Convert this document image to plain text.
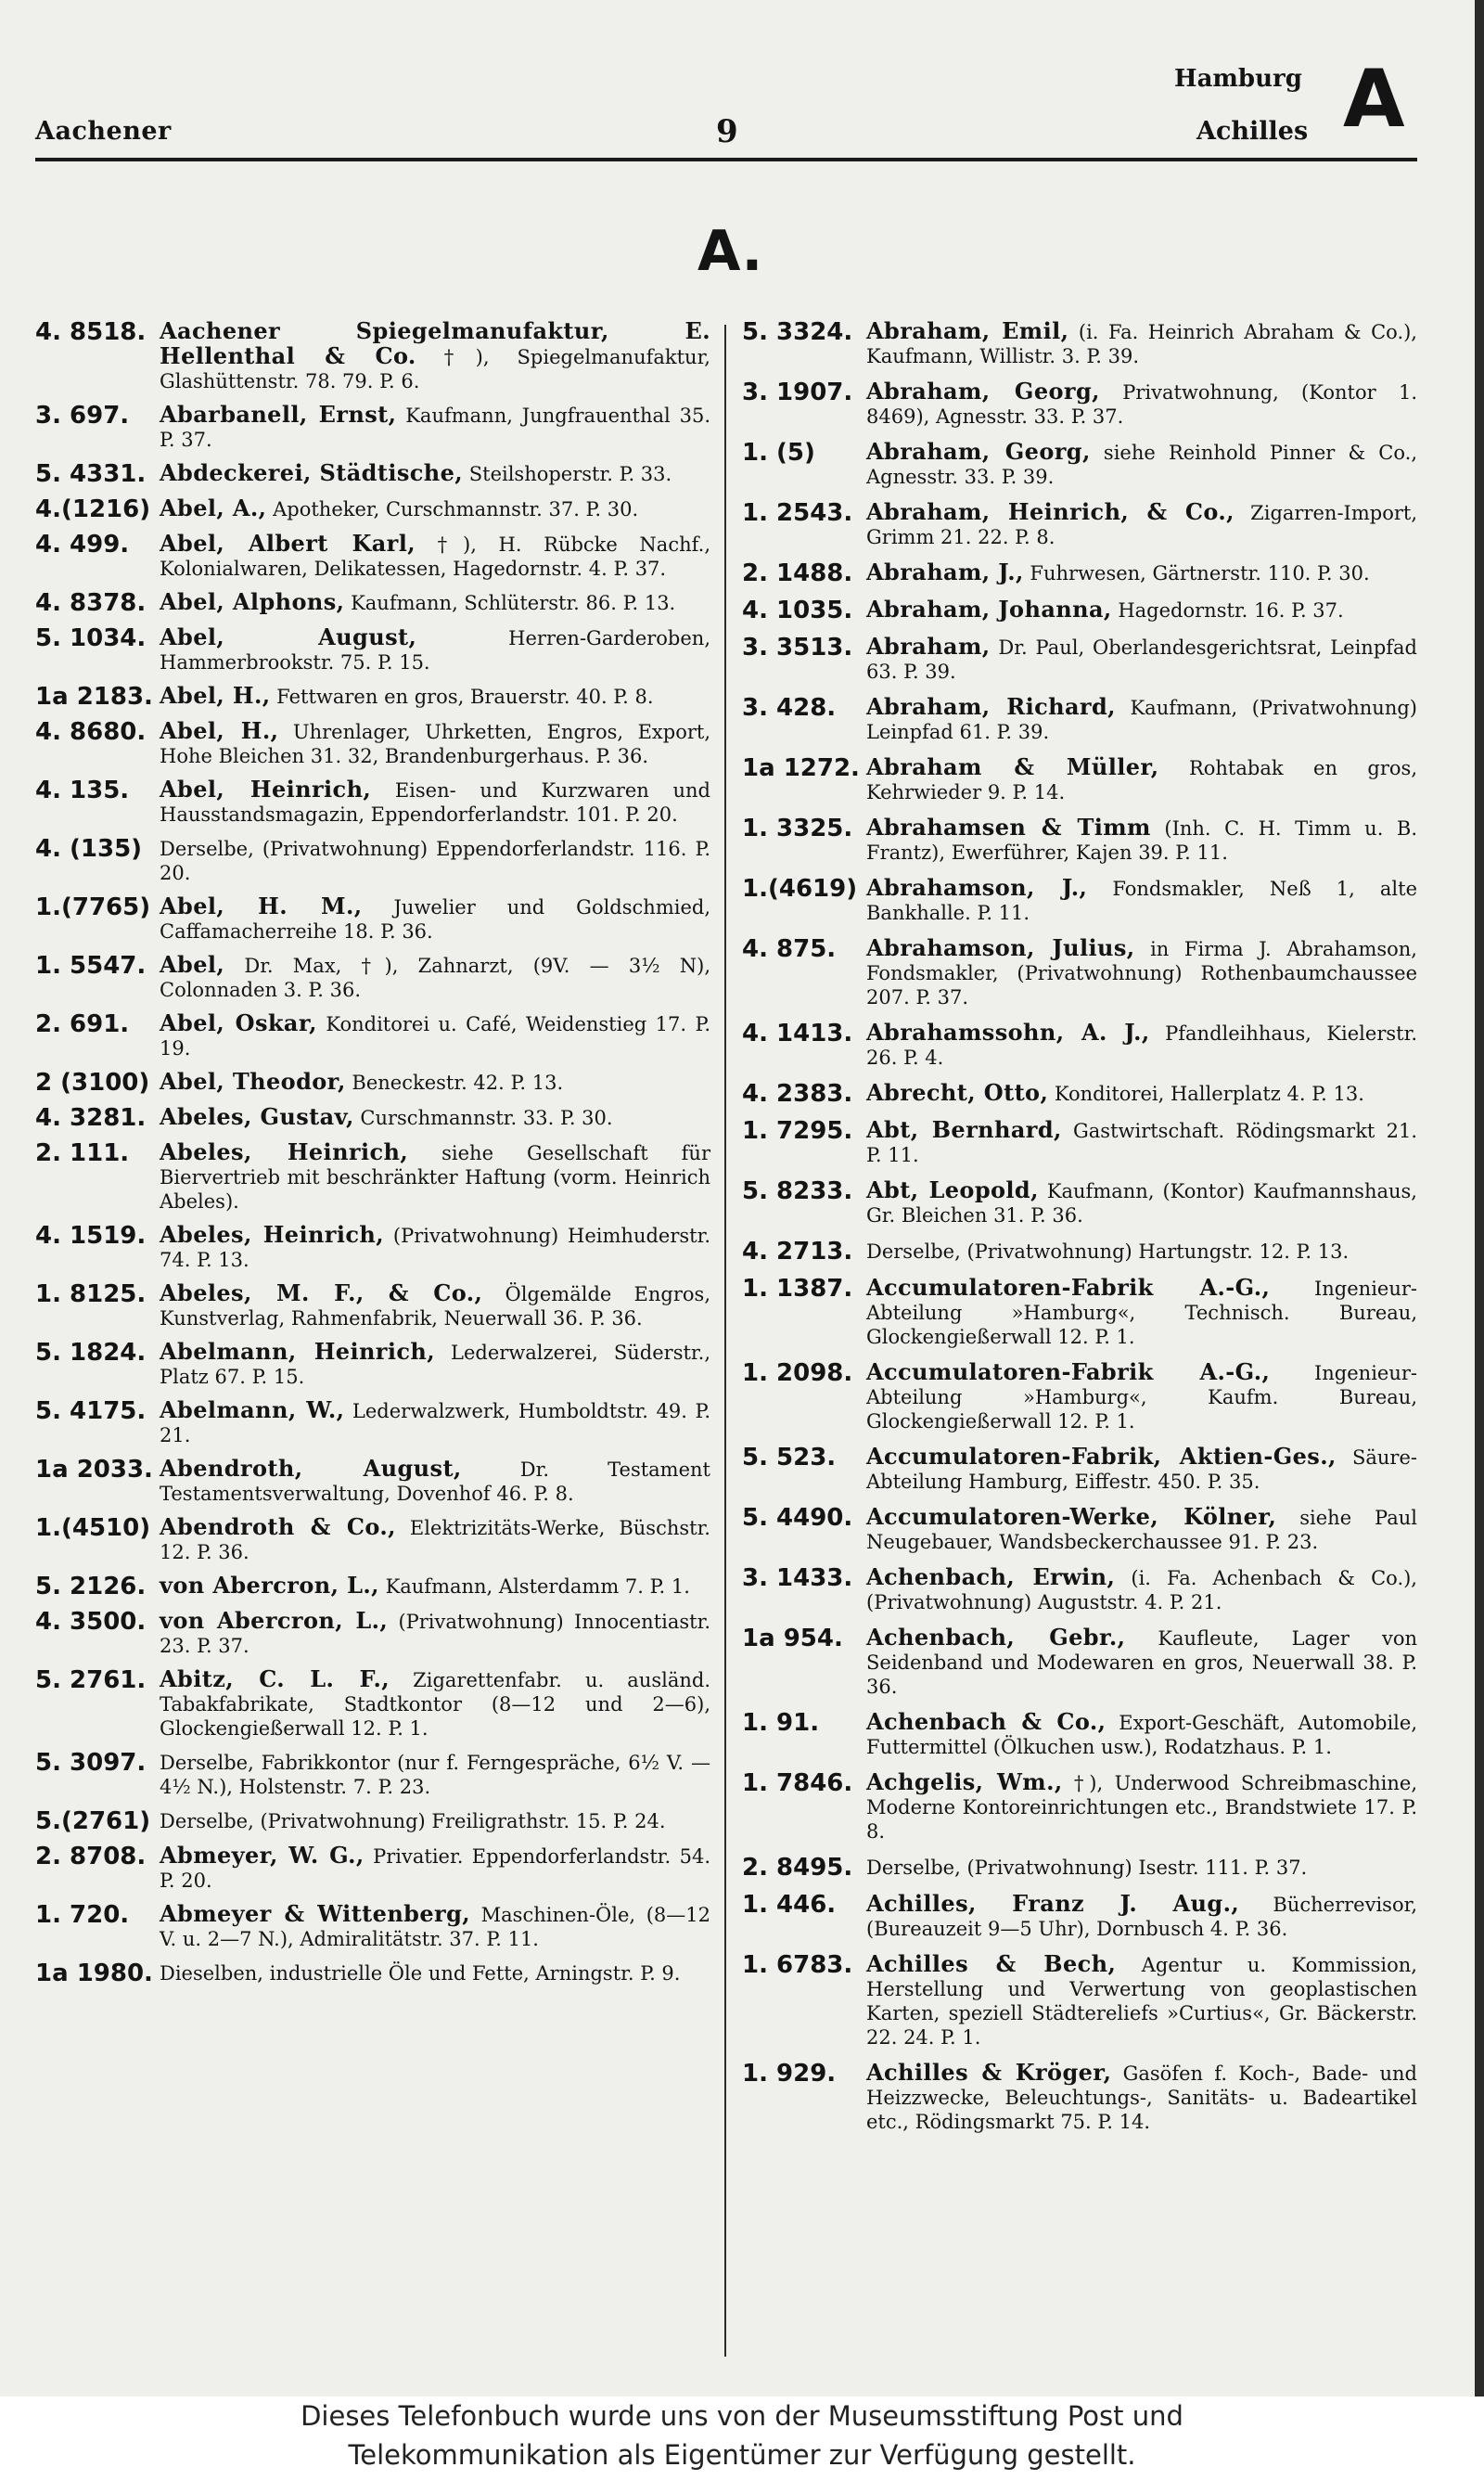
Aachener	9
Hamburg
Achilles A
A.
4. 8518. Aachener Spiegelmanufaktur, E. Hellenthal & Co. †), Spiegelmanufaktur, Glashüttenstr. 78. 79. P. 6.
3. 697.	Abarbanell, Ernst, Kaufmann, Jungfrauenthal 35. P. 37.
5. 4331. Abdeckerei, Städtische, Steilshoperstr. P. 33.
4.(1216) Abel, A., Apotheker, Curschmannstr. 37. P. 30.
4. 499.	Abel, Albert Karl, †), H. Rübcke Nachf., Kolonialwaren, Delikatessen, Hagedornstr. 4. P. 37.
4. 8378. Abel, Alphons, Kaufmann, Schlüterstr. 86. P. 13.
5. 1034. Abel, August, Herren-Garderoben, Hammerbrookstr. 75. P. 15.
1a 2183. Abel, H., Fettwaren en gros, Brauerstr. 40. P. 8.
4. 8680. Abel, H., Uhrenlager, Uhrketten, Engros, Export, Hohe Bleichen 31. 32, Brandenburgerhaus. P. 36.
4. 135.	Abel, Heinrich, Eisen- und Kurzwaren und Hausstandsmagazin, Eppendorferlandstr. 101. P. 20.
4. (135) Derselbe, (Privatwohnung) Eppendorferlandstr. 116. P. 20.
1.(7765) Abel, H. M., Juwelier und Goldschmied, Caffamacherreihe 18. P. 36.
1. 5547. Abel, Dr. Max, †), Zahnarzt, (9V. — 3½ N), Colonnaden 3. P. 36.
2. 691.	Abel, Oskar, Konditorei u. Café, Weidenstieg 17. P. 19.
2 (3100) Abel, Theodor, Beneckestr. 42. P. 13.
4. 3281. Abeles, Gustav, Curschmannstr. 33. P. 30.
2. 111.	Abeles, Heinrich, siehe Gesellschaft für Biervertrieb mit beschränkter Haftung (vorm. Heinrich Abeles).
4. 1519. Abeles, Heinrich, (Privatwohnung) Heimhuderstr. 74. P. 13.
1. 8125. Abeles, M. F., & Co., Ölgemälde Engros, Kunstverlag, Rahmenfabrik, Neuerwall 36. P. 36.
5. 1824. Abelmann, Heinrich, Lederwalzerei, Süderstr., Platz 67. P. 15.
5. 4175. Abelmann, W., Lederwalzwerk, Humboldtstr. 49. P. 21.
1a 2033. Abendroth, August, Dr. Testament Testamentsverwaltung, Dovenhof 46. P. 8.
1.(4510) Abendroth & Co., Elektrizitäts-Werke, Büschstr. 12. P. 36.
5. 2126. von Abercron, L., Kaufmann, Alsterdamm 7. P. 1.
4. 3500. von Abercron, L., (Privatwohnung) Innocentiastr. 23. P. 37.
5. 2761. Abitz, C. L. F., Zigarettenfabr. u. ausländ. Tabakfabrikate, Stadtkontor (8—12 und 2—6), Glockengießerwall 12. P. 1.
5. 3097. Derselbe, Fabrikkontor (nur f. Ferngespräche, 6½ V. — 4½ N.), Holstenstr. 7. P. 23.
5.(2761) Derselbe, (Privatwohnung) Freiligrathstr. 15. P. 24.
2. 8708. Abmeyer, W. G., Privatier. Eppendorferlandstr. 54. P. 20.
1. 720.	Abmeyer & Wittenberg, Maschinen-Öle, (8—12 V. u. 2—7 N.), Admiralitätstr. 37. P. 11.
1a 1980. Dieselben, industrielle Öle und Fette, Arningstr. P. 9.
5. 3324. Abraham, Emil, (i. Fa. Heinrich Abraham & Co.), Kaufmann, Willistr. 3. P. 39.
3. 1907. Abraham, Georg, Privatwohnung, (Kontor 1. 8469), Agnesstr. 33. P. 37.
1. (5)	Abraham, Georg, siehe Reinhold Pinner & Co., Agnesstr. 33. P. 39.
1. 2543. Abraham, Heinrich, & Co., Zigarren-Import, Grimm 21. 22. P. 8.
2. 1488. Abraham, J., Fuhrwesen, Gärtnerstr. 110. P. 30.
4. 1035. Abraham, Johanna, Hagedornstr. 16. P. 37.
3. 3513. Abraham, Dr. Paul, Oberlandesgerichtsrat, Leinpfad 63. P. 39.
3. 428.	Abraham, Richard, Kaufmann, (Privatwohnung) Leinpfad 61. P. 39.
1a 1272. Abraham & Müller, Rohtabak en gros, Kehrwieder 9. P. 14.
1. 3325. Abrahamsen & Timm (Inh. C. H. Timm u. B. Frantz), Ewerführer, Kajen 39. P. 11.
1.(4619) Abrahamson, J., Fondsmakler, Neß 1, alte Bankhalle. P. 11.
4. 875.	Abrahamson, Julius, in Firma J. Abrahamson, Fondsmakler, (Privatwohnung) Rothenbaumchaussee 207. P. 37.
4. 1413. Abrahamssohn, A. J., Pfandleihhaus, Kielerstr. 26. P. 4.
4. 2383. Abrecht, Otto, Konditorei, Hallerplatz 4. P. 13.
1. 7295. Abt, Bernhard, Gastwirtschaft. Rödingsmarkt 21. P. 11.
5. 8233. Abt, Leopold, Kaufmann, (Kontor) Kaufmannshaus, Gr. Bleichen 31. P. 36.
4. 2713. Derselbe, (Privatwohnung) Hartungstr. 12. P. 13.
1. 1387. Accumulatoren-Fabrik A.-G., Ingenieur-Abteilung »Hamburg«, Technisch. Bureau, Glockengießerwall 12. P. 1.
1. 2098. Accumulatoren-Fabrik A.-G., Ingenieur-Abteilung »Hamburg«, Kaufm. Bureau, Glockengießerwall 12. P. 1.
5. 523.	Accumulatoren-Fabrik, Aktien-Ges., Säure-Abteilung Hamburg, Eiffestr. 450. P. 35.
5. 4490. Accumulatoren-Werke, Kölner, siehe Paul Neugebauer, Wandsbeckerchaussee 91. P. 23.
3. 1433. Achenbach, Erwin, (i. Fa. Achenbach & Co.), (Privatwohnung) Auguststr. 4. P. 21.
1a 954.	Achenbach, Gebr., Kaufleute, Lager von Seidenband und Modewaren en gros, Neuerwall 38. P. 36.
1. 91.	Achenbach & Co., Export-Geschäft, Automobile, Futtermittel (Ölkuchen usw.), Rodatzhaus. P. 1.
1. 7846. Achgelis, Wm., †), Underwood Schreibmaschine, Moderne Kontoreinrichtungen etc., Brandstwiete 17. P. 8.
2. 8495. Derselbe, (Privatwohnung) Isestr. 111. P. 37.
1. 446.	Achilles, Franz J. Aug., Bücherrevisor, (Bureauzeit 9—5 Uhr), Dornbusch 4. P. 36.
1. 6783. Achilles & Bech, Agentur u. Kommission, Herstellung und Verwertung von geoplastischen Karten, speziell Städtereliefs »Curtius«, Gr. Bäckerstr. 22. 24. P. 1.
1. 929.	Achilles & Kröger, Gasöfen f. Koch-, Bade- und Heizzwecke, Beleuchtungs-, Sanitäts- u. Badeartikel etc., Rödingsmarkt 75. P. 14.
Dieses Telefonbuch wurde uns von der Museumsstiftung Post und
Telekommunikation als Eigentümer zur Verfügung gestellt.
